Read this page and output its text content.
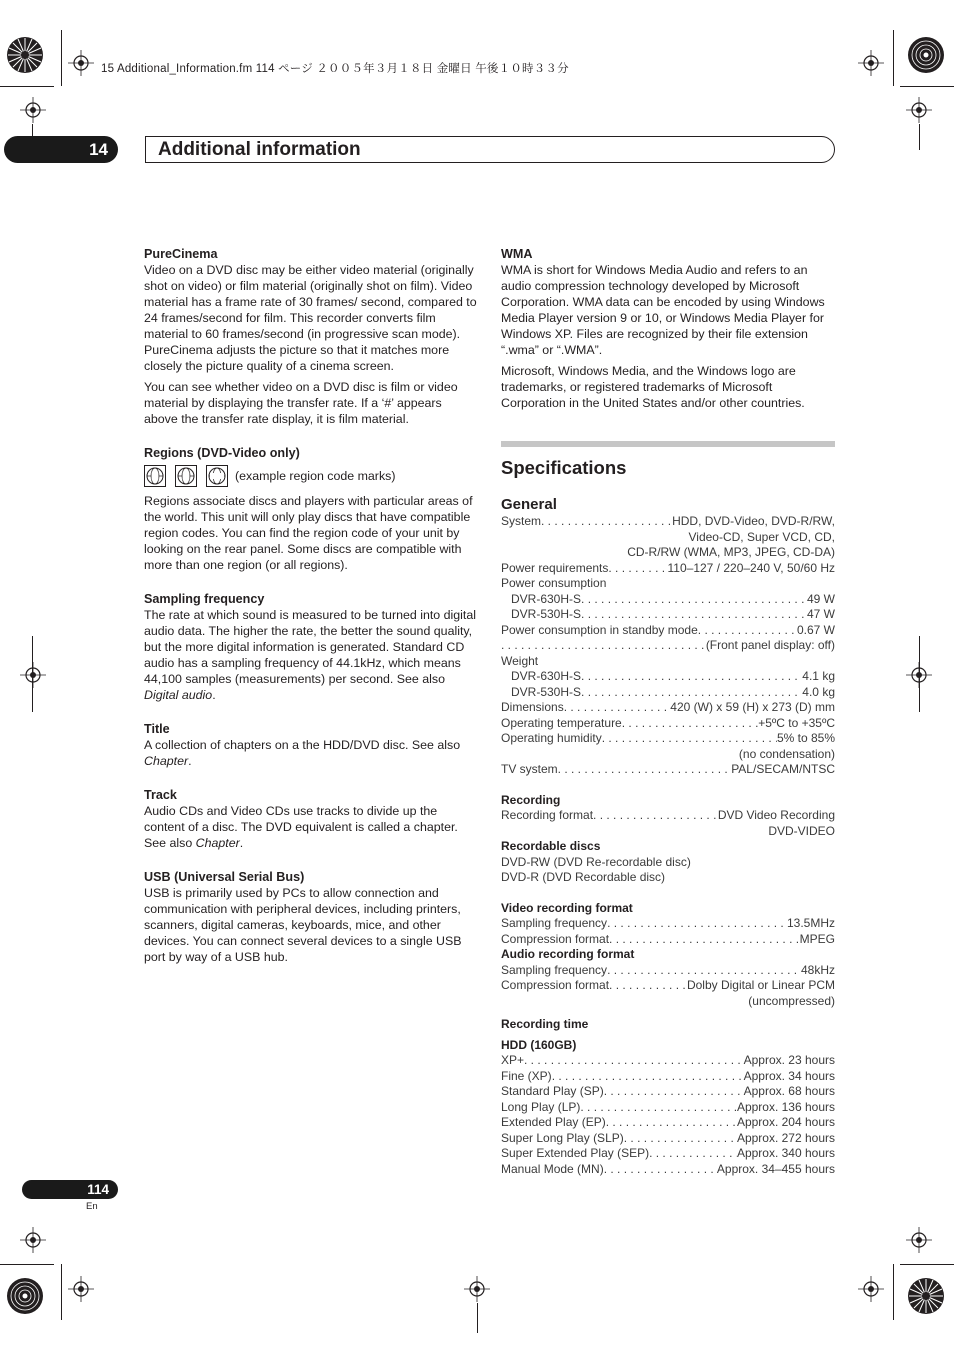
15 Additional_Information.fm 114 ページ ２００５年３月１８日 金曜日 午後１０時３３分
14	Additional information

PureCinema

Video on a DVD disc may be either video material (originally shot on video) or film material (originally shot on film). Video material has a frame rate of 30 frames/ second, compared to 24 frames/second for film. This recorder converts film material to 60 frames/second (in progressive scan mode). PureCinema adjusts the picture so that it matches more closely the picture quality of a cinema screen.

You can see whether video on a DVD disc is film or video material by displaying the transfer rate. If a ‘#’ appears above the transfer rate display, it is film material.

Regions (DVD-Video only)

(example region code marks)

Regions associate discs and players with particular areas of the world. This unit will only play discs that have compatible region codes. You can find the region code of your unit by looking on the rear panel. Some discs are compatible with more than one region (or all regions).

Sampling frequency

The rate at which sound is measured to be turned into digital audio data. The higher the rate, the better the sound quality, but the more digital information is generated. Standard CD audio has a sampling frequency of 44.1kHz, which means 44,100 samples (measurements) per second. See also Digital audio.

Title

A collection of chapters on a the HDD/DVD disc. See also Chapter.

Track

Audio CDs and Video CDs use tracks to divide up the content of a disc. The DVD equivalent is called a chapter. See also Chapter.

USB (Universal Serial Bus)

USB is primarily used by PCs to allow connection and communication with peripheral devices, including printers, scanners, digital cameras, keyboards, mice, and other devices. You can connect several devices to a single USB port by way of a USB hub.

WMA

WMA is short for Windows Media Audio and refers to an audio compression technology developed by Microsoft Corporation. WMA data can be encoded by using Windows Media Player version 9 or 10, or Windows Media Player for Windows XP. Files are recognized by their file extension “.wma” or “.WMA”.

Microsoft, Windows Media, and the Windows logo are trademarks, or registered trademarks of Microsoft Corporation in the United States and/or other countries.

Specifications

General

System . . .	HDD, DVD-Video, DVD-R/RW,
Video-CD, Super VCD, CD,
CD-R/RW (WMA, MP3, JPEG, CD-DA)
Power requirements . . .	110–127 / 220–240 V, 50/60 Hz
Power consumption
DVR-630H-S . . .	49 W
DVR-530H-S . . .	47 W
Power consumption in standby mode . . .	0.67 W
. . .
(Front panel display: off)
Weight
DVR-630H-S . . .	4.1 kg
DVR-530H-S . . .	4.0 kg
Dimensions . . .	420 (W) x 59 (H) x 273 (D) mm
Operating temperature . . .	+5ºC to +35ºC
Operating humidity . . .	5% to 85%
(no condensation)
TV system . . .	PAL/SECAM/NTSC
Recording
Recording format . . .	DVD Video Recording
DVD-VIDEO
Recordable discs
DVD-RW (DVD Re-recordable disc)
DVD-R (DVD Recordable disc)
Video recording format
Sampling frequency . . .	13.5MHz
Compression format . . .	MPEG
Audio recording format
Sampling frequency . . .	48kHz
Compression format . . .	Dolby Digital or Linear PCM
(uncompressed)
Recording time
HDD (160GB)
XP+ . . .	Approx. 23 hours
Fine (XP) . . .	Approx. 34 hours
Standard Play (SP) . . .	Approx. 68 hours
Long Play (LP) . . .	Approx. 136 hours
Extended Play (EP) . . .	Approx. 204 hours
Super Long Play (SLP) . . .	Approx. 272 hours
Super Extended Play (SEP) . . .	Approx. 340 hours
Manual Mode (MN) . . .	Approx. 34–455 hours
114
En
